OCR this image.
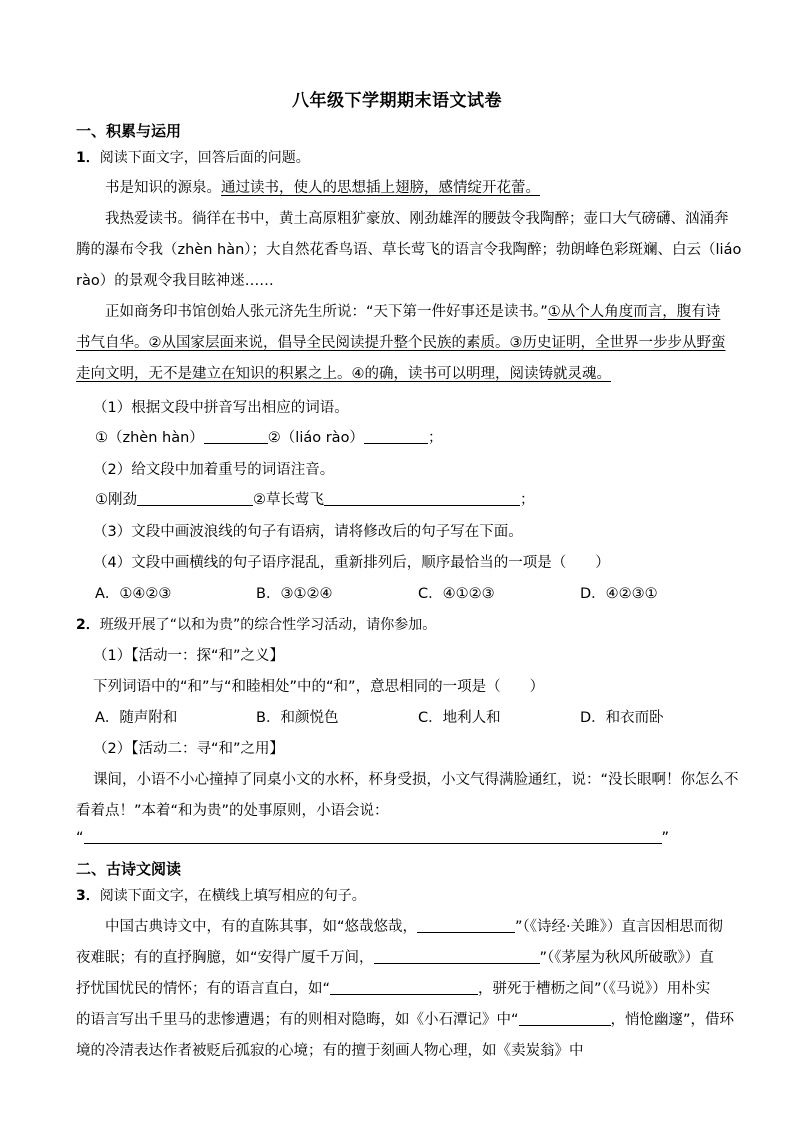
八年级下学期期末语文试卷
一、积累与运用
1．阅读下面文字，回答后面的问题。
书是知识的源泉。通过读书，使人的思想插上翅膀，感情绽开花蕾。
我热爱读书。徜徉在书中，黄土高原粗犷豪放、刚劲雄浑的腰鼓令我陶醉；壶口大气磅礴、汹涌奔
腾的瀑布令我（zhèn hàn）；大自然花香鸟语、草长莺飞的语言令我陶醉；勃朗峰色彩斑斓、白云（liáo
rào）的景观令我目眩神迷……
正如商务印书馆创始人张元济先生所说：“天下第一件好事还是读书。”①从个人角度而言，腹有诗
书气自华。②从国家层面来说，倡导全民阅读提升整个民族的素质。③历史证明，全世界一步步从野蛮
走向文明，无不是建立在知识的积累之上。④的确，读书可以明理，阅读铸就灵魂。
（1）根据文段中拼音写出相应的词语。
①（zhèn hàn）	②（liáo rào）	；
（2）给文段中加着重号的词语注音。
①刚劲	②草长莺飞	；
（3）文段中画波浪线的句子有语病，请将修改后的句子写在下面。
（4）文段中画横线的句子语序混乱，重新排列后，顺序最恰当的一项是（　　）
A．①④②③	B．③①②④	C．④①②③	D．④②③①
2．班级开展了“以和为贵”的综合性学习活动，请你参加。
（1）【活动一：探“和”之义】
下列词语中的“和”与“和睦相处”中的“和”，意思相同的一项是（　　）
A．随声附和	B．和颜悦色	C．地利人和	D．和衣而卧
（2）【活动二：寻“和”之用】
课间，小语不小心撞掉了同桌小文的水杯，杯身受损，小文气得满脸通红，说：“没长眼啊！你怎么不
看着点！”本着“和为贵”的处事原则，小语会说：
“	”
二、古诗文阅读
3．阅读下面文字，在横线上填写相应的句子。
中国古典诗文中，有的直陈其事，如“悠哉悠哉，	”（《诗经·关雎》）直言因相思而彻
夜难眠；有的直抒胸臆，如“安得广厦千万间，	”（《茅屋为秋风所破歌》）直
抒忧国忧民的情怀；有的语言直白，如“	，骈死于槽枥之间”（《马说》）用朴实
的语言写出千里马的悲惨遭遇；有的则相对隐晦，如《小石潭记》中“	，悄怆幽邃”，借环
境的冷清表达作者被贬后孤寂的心境；有的擅于刻画人物心理，如《卖炭翁》中
